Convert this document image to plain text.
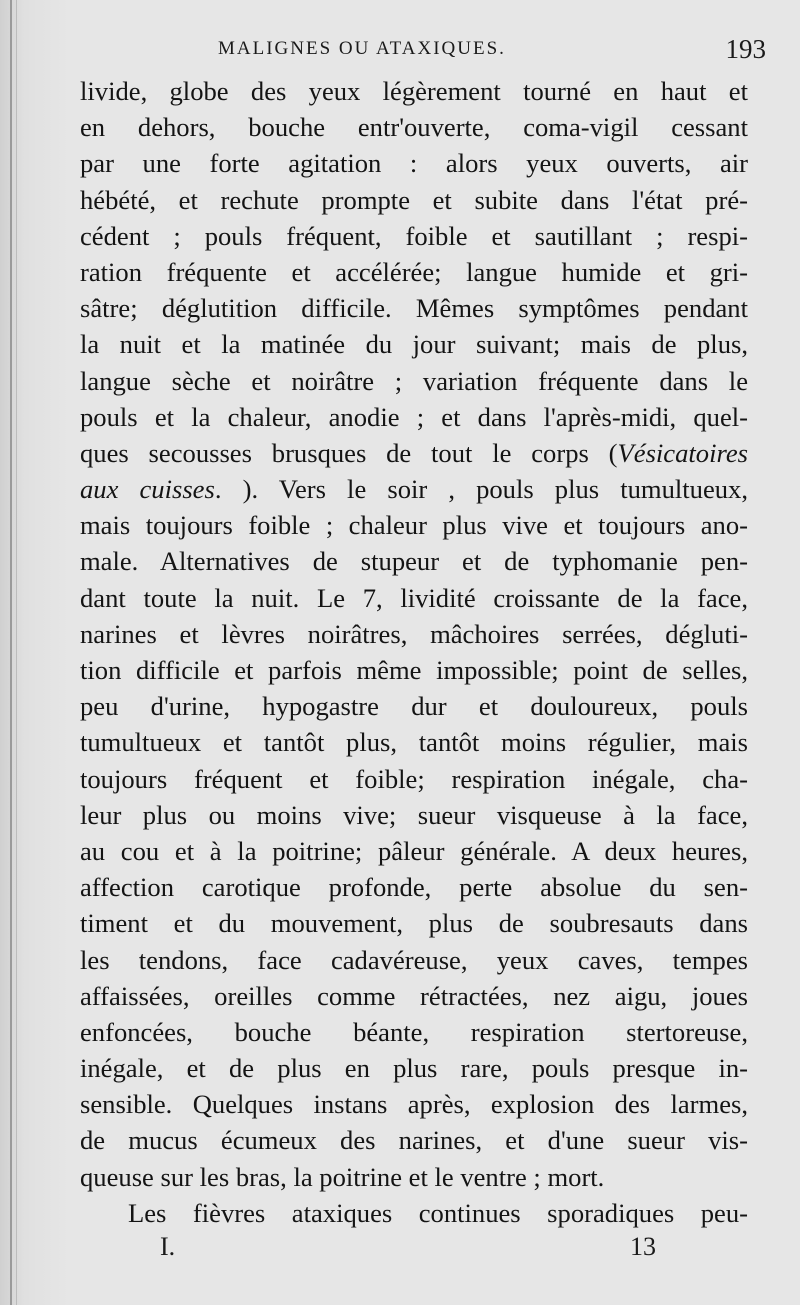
MALIGNES OU ATAXIQUES.	193
livide, globe des yeux légèrement tourné en haut et
en dehors, bouche entr'ouverte, coma-vigil cessant
par une forte agitation : alors yeux ouverts, air
hébété, et rechute prompte et subite dans l'état pré-
cédent ; pouls fréquent, foible et sautillant ; respi-
ration fréquente et accélérée; langue humide et gri-
sâtre; déglutition difficile. Mêmes symptômes pendant
la nuit et la matinée du jour suivant; mais de plus,
langue sèche et noirâtre ; variation fréquente dans le
pouls et la chaleur, anodie ; et dans l'après-midi, quel-
ques secousses brusques de tout le corps (Vésicatoires
aux cuisses. ). Vers le soir , pouls plus tumultueux,
mais toujours foible ; chaleur plus vive et toujours ano-
male. Alternatives de stupeur et de typhomanie pen-
dant toute la nuit. Le 7, lividité croissante de la face,
narines et lèvres noirâtres, mâchoires serrées, dégluti-
tion difficile et parfois même impossible; point de selles,
peu d'urine, hypogastre dur et douloureux, pouls
tumultueux et tantôt plus, tantôt moins régulier, mais
toujours fréquent et foible; respiration inégale, cha-
leur plus ou moins vive; sueur visqueuse à la face,
au cou et à la poitrine; pâleur générale. A deux heures,
affection carotique profonde, perte absolue du sen-
timent et du mouvement, plus de soubresauts dans
les tendons, face cadavéreuse, yeux caves, tempes
affaissées, oreilles comme rétractées, nez aigu, joues
enfoncées, bouche béante, respiration stertoreuse,
inégale, et de plus en plus rare, pouls presque in-
sensible. Quelques instans après, explosion des larmes,
de mucus écumeux des narines, et d'une sueur vis-
queuse sur les bras, la poitrine et le ventre ; mort.
Les fièvres ataxiques continues sporadiques peu-
I.	13
